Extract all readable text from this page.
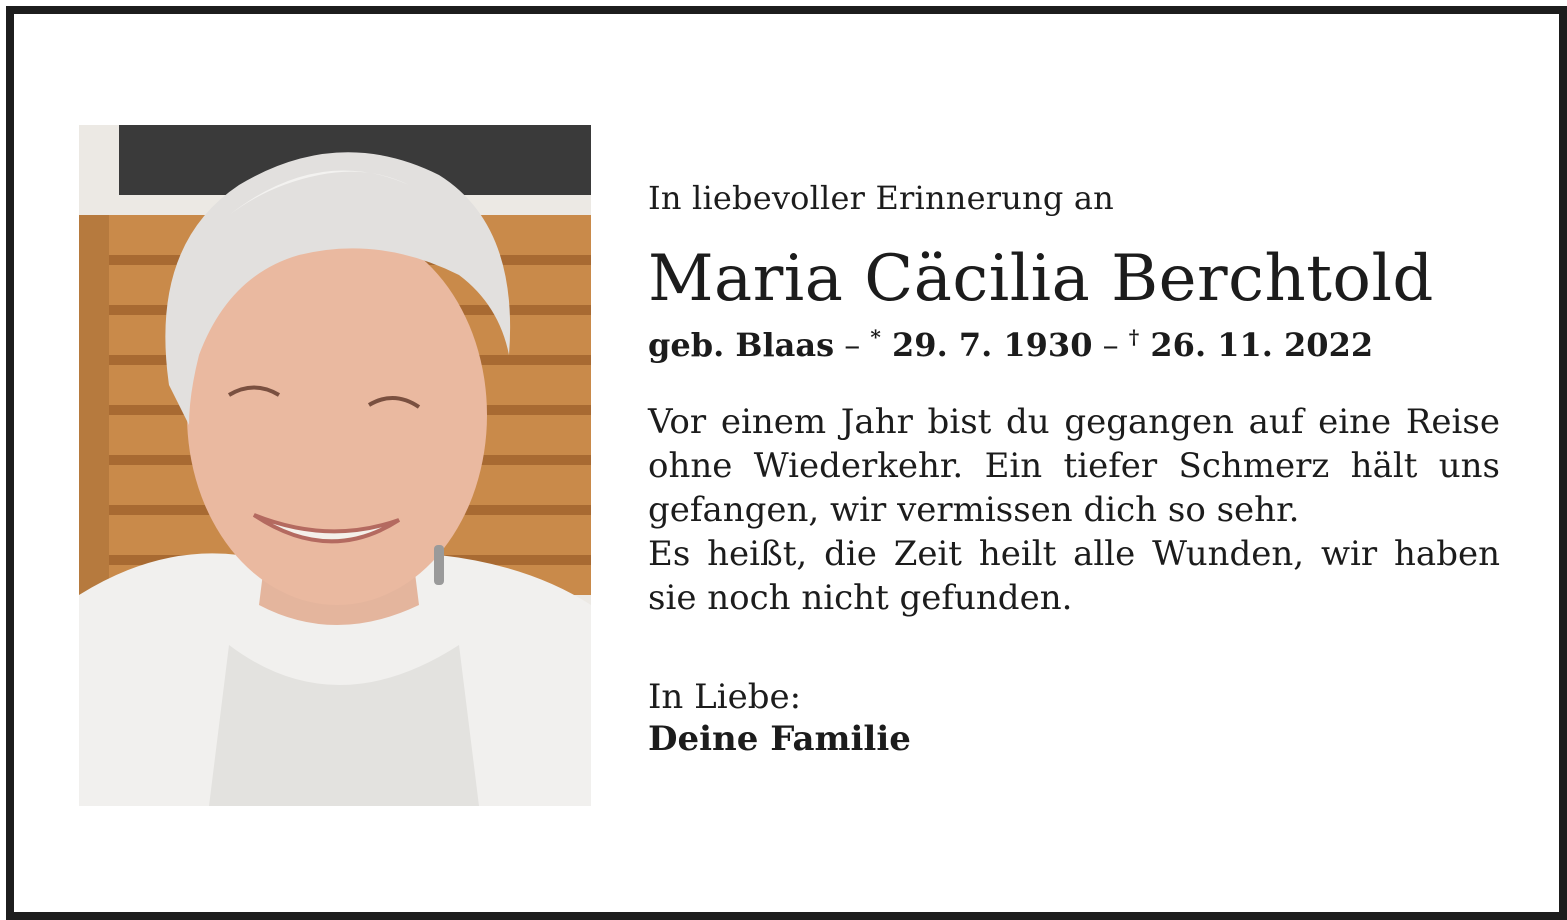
In liebevoller Erinnerung an

Maria Cäcilia Berchtold
geb. Blaas – * 29. 7. 1930 – † 26. 11. 2022

Vor einem Jahr bist du gegangen auf eine Reise ohne Wiederkehr. Ein tiefer Schmerz hält uns gefangen, wir vermissen dich so sehr.

Es heißt, die Zeit heilt alle Wunden, wir haben sie noch nicht gefunden.

In Liebe:

Deine Familie
